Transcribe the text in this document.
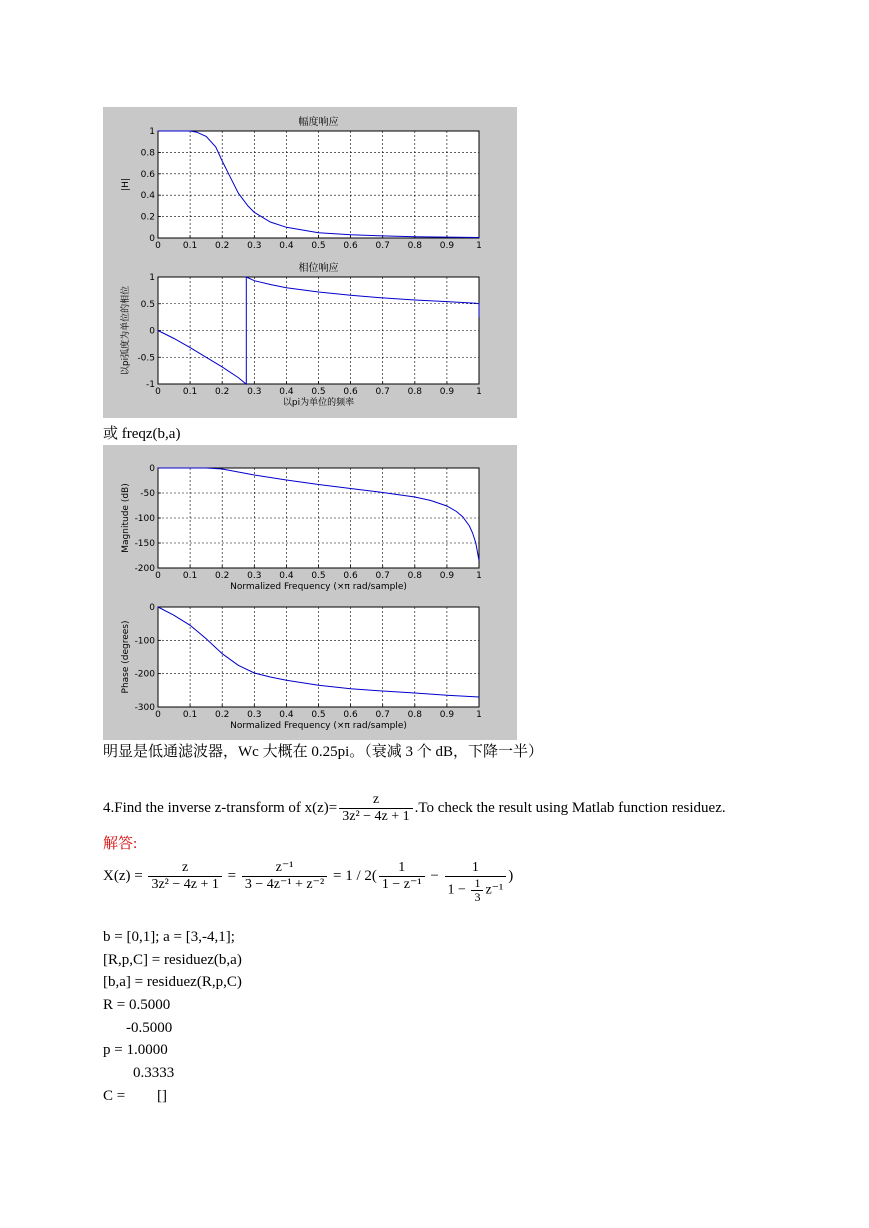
0 0.1 0.2 0.3 0.4 0.5 0.6 0.7 0.8 0.9 1
0
0.2
0.4
0.6
0.8
1
幅度响应
|H|
0 0.1 0.2 0.3 0.4 0.5 0.6 0.7 0.8 0.9 1
-1
-0.5
0
0.5
1
相位响应
以pi弧度为单位的相位
以pi为单位的频率
或 freqz(b,a)
0 0.1 0.2 0.3 0.4 0.5 0.6 0.7 0.8 0.9 1
-200
-150
-100
-50
0
Magnitude (dB)
Normalized Frequency (×π rad/sample)
0 0.1 0.2 0.3 0.4 0.5 0.6 0.7 0.8 0.9 1
-300
-200
-100
0
Phase (degrees)
Normalized Frequency (×π rad/sample)
明显是低通滤波器，Wc 大概在 0.25pi。（衰减 3 个 dB，下降一半）
4.Find the inverse z-transform of $x(z)= \frac{z}{\text{3z² − 4z + 1}} .To$ check the result using Matlab function residuez.
解答:
$X(z) = \frac{z}{\text{3z² − 4z + 1}} = \frac{\text{z⁻¹}}{\text{3 − 4z⁻¹ + z⁻²}} = 1 / 2( \frac{1}{\text{1 − z⁻¹}} - \frac{1}{1 - \frac{1}{3} z^{-1}}$ )
b = [0,1]; a = [3,-4,1];
[R,p,C] = residuez(b,a)
[b,a] = residuez(R,p,C)
R = 0.5000
-0.5000
p = 1.0000
0.3333
C = []
